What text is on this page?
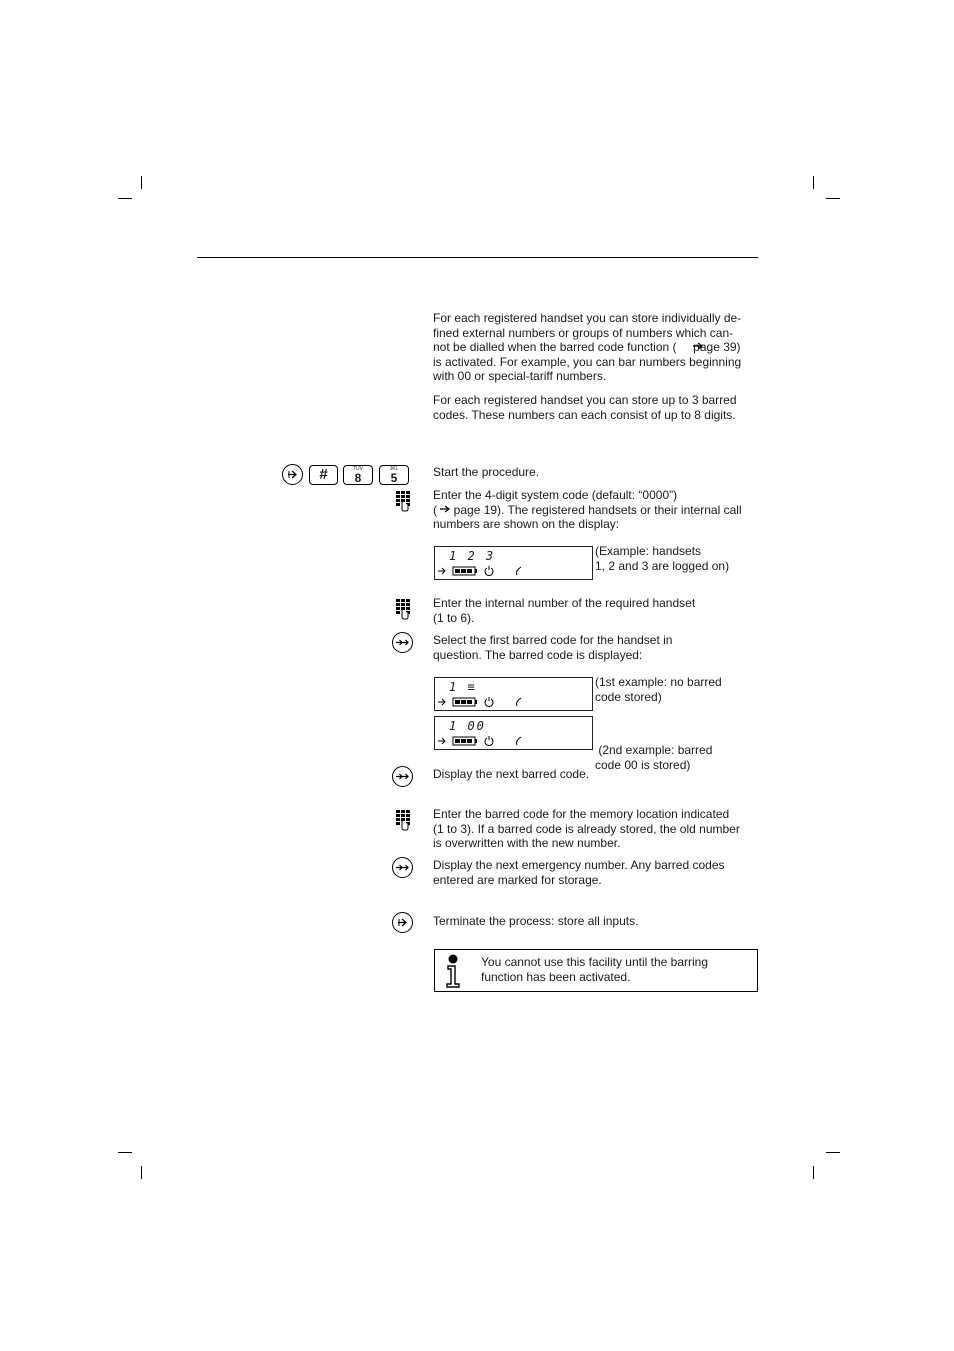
For each registered handset you can store individually de-
fined external numbers or groups of numbers which can-
not be dialled when the barred code function (     page 39)
is activated. For example, you can bar numbers beginning
with 00 or special-tariff numbers.
For each registered handset you can store up to 3 barred
codes. These numbers can each consist of up to 8 digits.
#	TUV
8
JKL
5	Start the procedure.
Enter the 4-digit system code (default: “0000”)
(     page 19). The registered handsets or their internal call
numbers are shown on the display:
1 2 3	(Example: handsets
1, 2 and 3 are logged on)
Enter the internal number of the required handset
(1 to 6).
Select the first barred code for the handset in
question. The barred code is displayed:
1 ≡	(1st example: no barred
code stored)
1 00

(2nd example: barred
code 00 is stored)

Display the next barred code.
Enter the barred code for the memory location indicated
(1 to 3). If a barred code is already stored, the old number
is overwritten with the new number.
Display the next emergency number. Any barred codes
entered are marked for storage.
Terminate the process: store all inputs.
You cannot use this facility until the barring
function has been activated.
